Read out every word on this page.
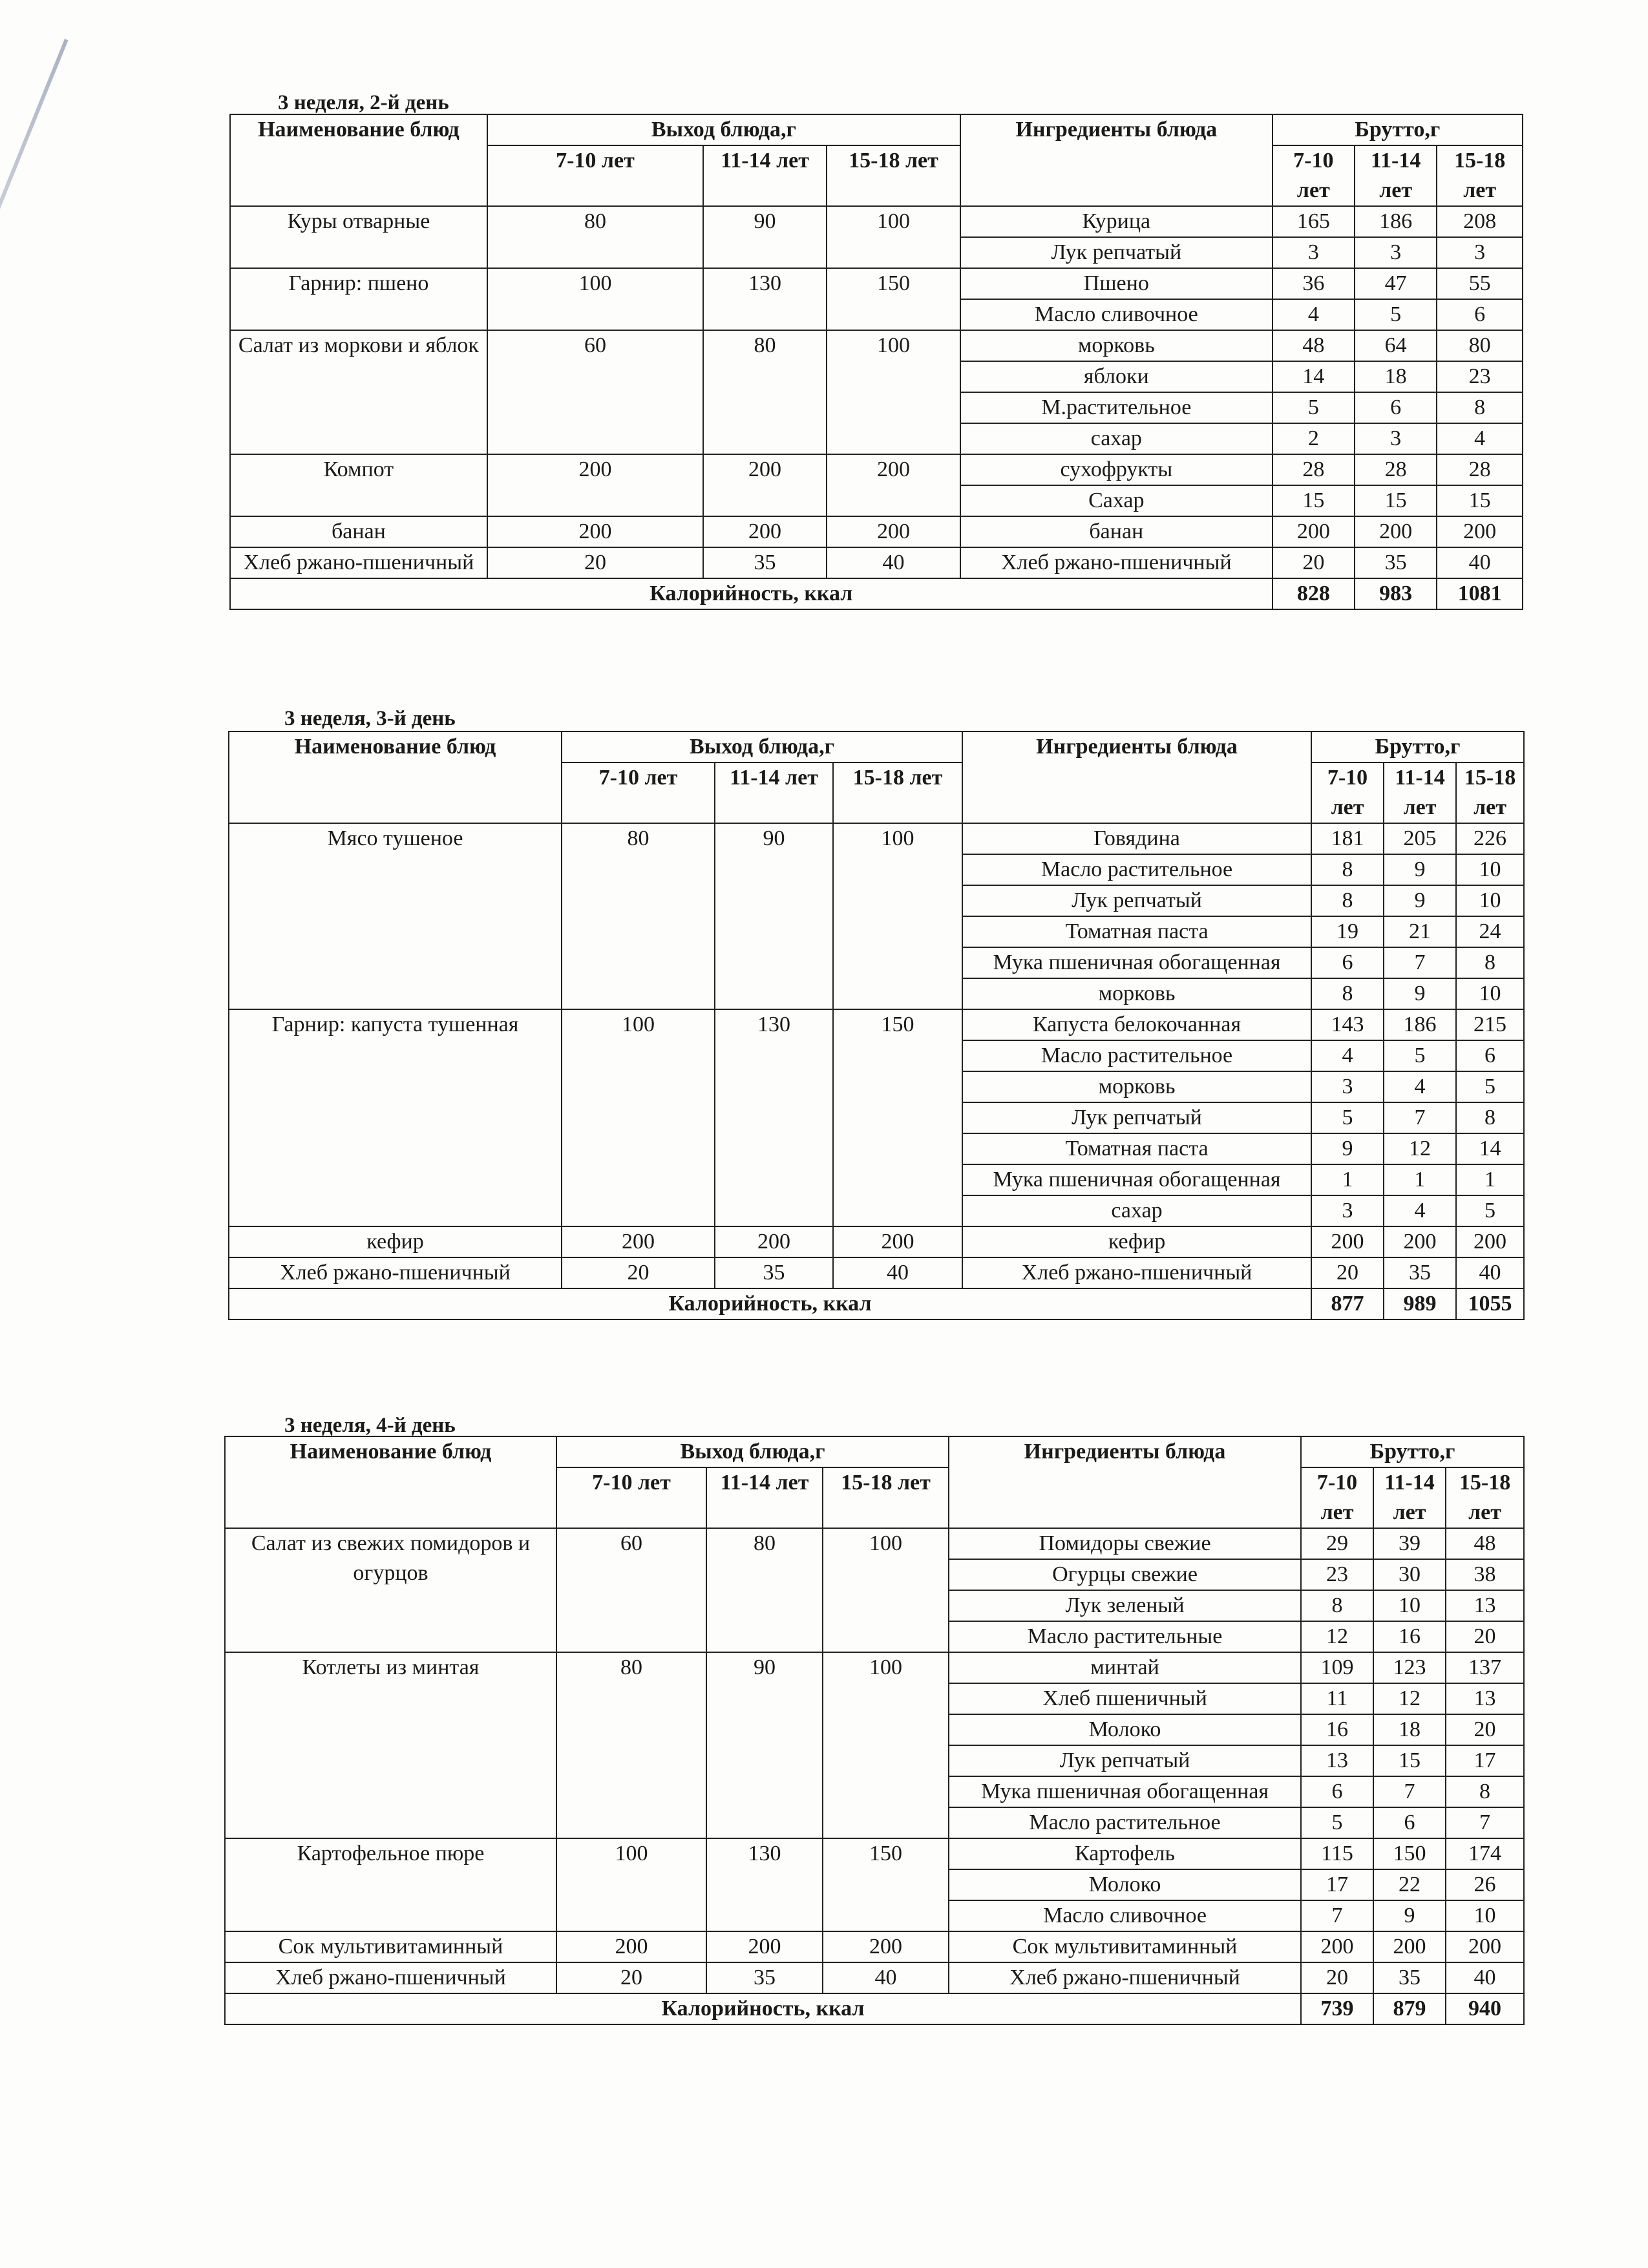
3 неделя, 2-й день
Наименование блюд	Выход блюда,г			Ингредиенты блюда	Брутто,г		
	7-10 лет	11-14 лет	15-18 лет		7-10 лет	11-14 лет	15-18 лет
Куры отварные	80	90	100	Курица	165	186	208
				Лук репчатый	3	3	3
Гарнир: пшено	100	130	150	Пшено	36	47	55
				Масло сливочное	4	5	6
Салат из моркови и яблок	60	80	100	морковь	48	64	80
				яблоки	14	18	23
				М.растительное	5	6	8
				сахар	2	3	4
Компот	200	200	200	сухофрукты	28	28	28
				Сахар	15	15	15
банан	200	200	200	банан	200	200	200
Хлеб ржано-пшеничный	20	35	40	Хлеб ржано-пшеничный	20	35	40
Калорийность, ккал					828	983	1081
3 неделя, 3-й день
Наименование блюд	Выход блюда,г			Ингредиенты блюда	Брутто,г		
	7-10 лет	11-14 лет	15-18 лет		7-10 лет	11-14 лет	15-18 лет
Мясо тушеное	80	90	100	Говядина	181	205	226
				Масло растительное	8	9	10
				Лук репчатый	8	9	10
				Томатная паста	19	21	24
				Мука пшеничная обогащенная	6	7	8
				морковь	8	9	10
Гарнир: капуста тушенная	100	130	150	Капуста белокочанная	143	186	215
				Масло растительное	4	5	6
				морковь	3	4	5
				Лук репчатый	5	7	8
				Томатная паста	9	12	14
				Мука пшеничная обогащенная	1	1	1
				сахар	3	4	5
кефир	200	200	200	кефир	200	200	200
Хлеб ржано-пшеничный	20	35	40	Хлеб ржано-пшеничный	20	35	40
Калорийность, ккал					877	989	1055
3 неделя, 4-й день
Наименование блюд	Выход блюда,г			Ингредиенты блюда	Брутто,г		
	7-10 лет	11-14 лет	15-18 лет		7-10 лет	11-14 лет	15-18 лет
Салат из свежих помидоров и огурцов	60	80	100	Помидоры свежие	29	39	48
				Огурцы свежие	23	30	38
				Лук зеленый	8	10	13
				Масло растительные	12	16	20
Котлеты из минтая	80	90	100	минтай	109	123	137
				Хлеб пшеничный	11	12	13
				Молоко	16	18	20
				Лук репчатый	13	15	17
				Мука пшеничная обогащенная	6	7	8
				Масло растительное	5	6	7
Картофельное пюре	100	130	150	Картофель	115	150	174
				Молоко	17	22	26
				Масло сливочное	7	9	10
Сок мультивитаминный	200	200	200	Сок мультивитаминный	200	200	200
Хлеб ржано-пшеничный	20	35	40	Хлеб ржано-пшеничный	20	35	40
Калорийность, ккал					739	879	940
